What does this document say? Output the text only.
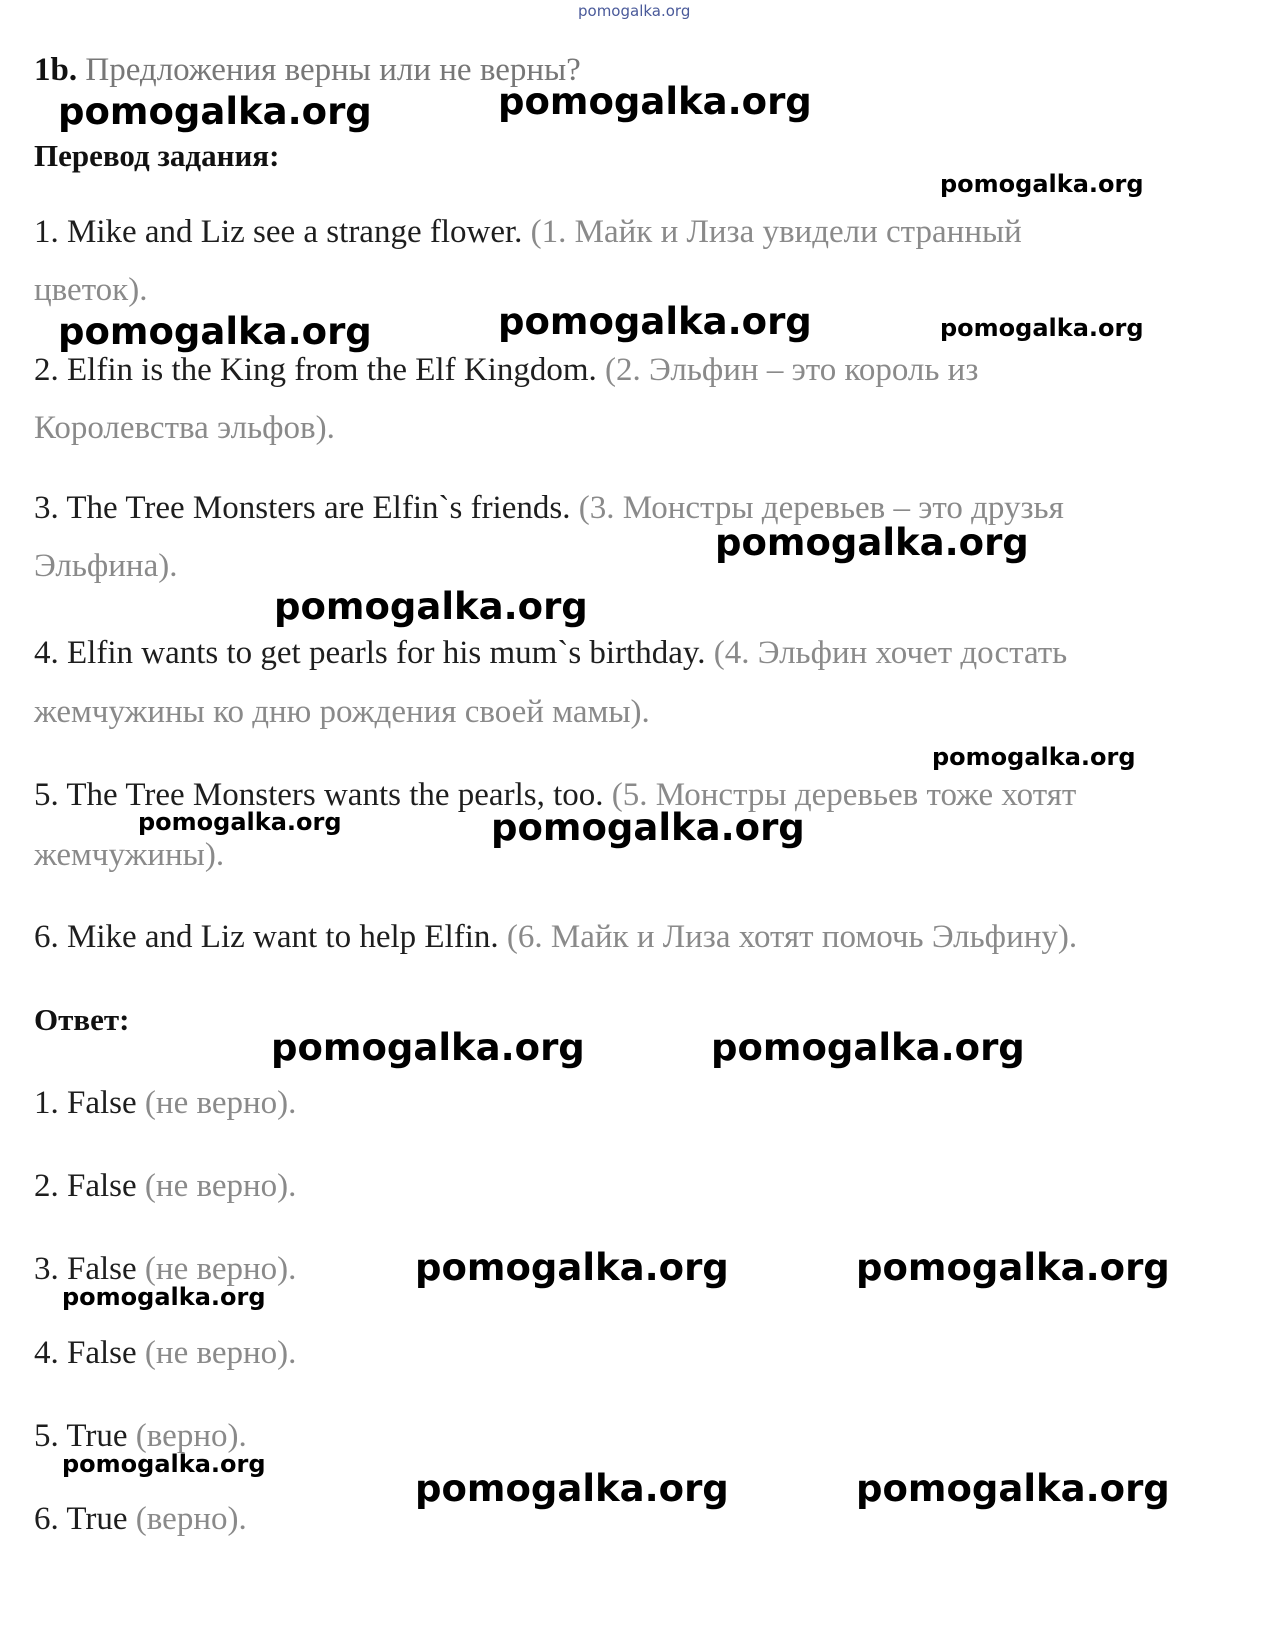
pomogalka.org
1b. Предложения верны или не верны?
Перевод задания:
1. Mike and Liz see a strange flower. (1. Майк и Лиза увидели странный
цветок).
2. Elfin is the King from the Elf Kingdom. (2. Эльфин – это король из
Королевства эльфов).
3. The Tree Monsters are Elfin`s friends. (3. Монстры деревьев – это друзья
Эльфина).
4. Elfin wants to get pearls for his mum`s birthday. (4. Эльфин хочет достать
жемчужины ко дню рождения своей мамы).
5. The Tree Monsters wants the pearls, too. (5. Монстры деревьев тоже хотят
жемчужины).
6. Mike and Liz want to help Elfin. (6. Майк и Лиза хотят помочь Эльфину).
Ответ:
1. False (не верно).
2. False (не верно).
3. False (не верно).
4. False (не верно).
5. True (верно).
6. True (верно).
pomogalka.org	pomogalka.org
pomogalka.org
pomogalka.org	pomogalka.org	pomogalka.org
pomogalka.org
pomogalka.org
pomogalka.org
pomogalka.org	pomogalka.org
pomogalka.org	pomogalka.org
pomogalka.org	pomogalka.org
pomogalka.org
pomogalka.org
pomogalka.org	pomogalka.org
